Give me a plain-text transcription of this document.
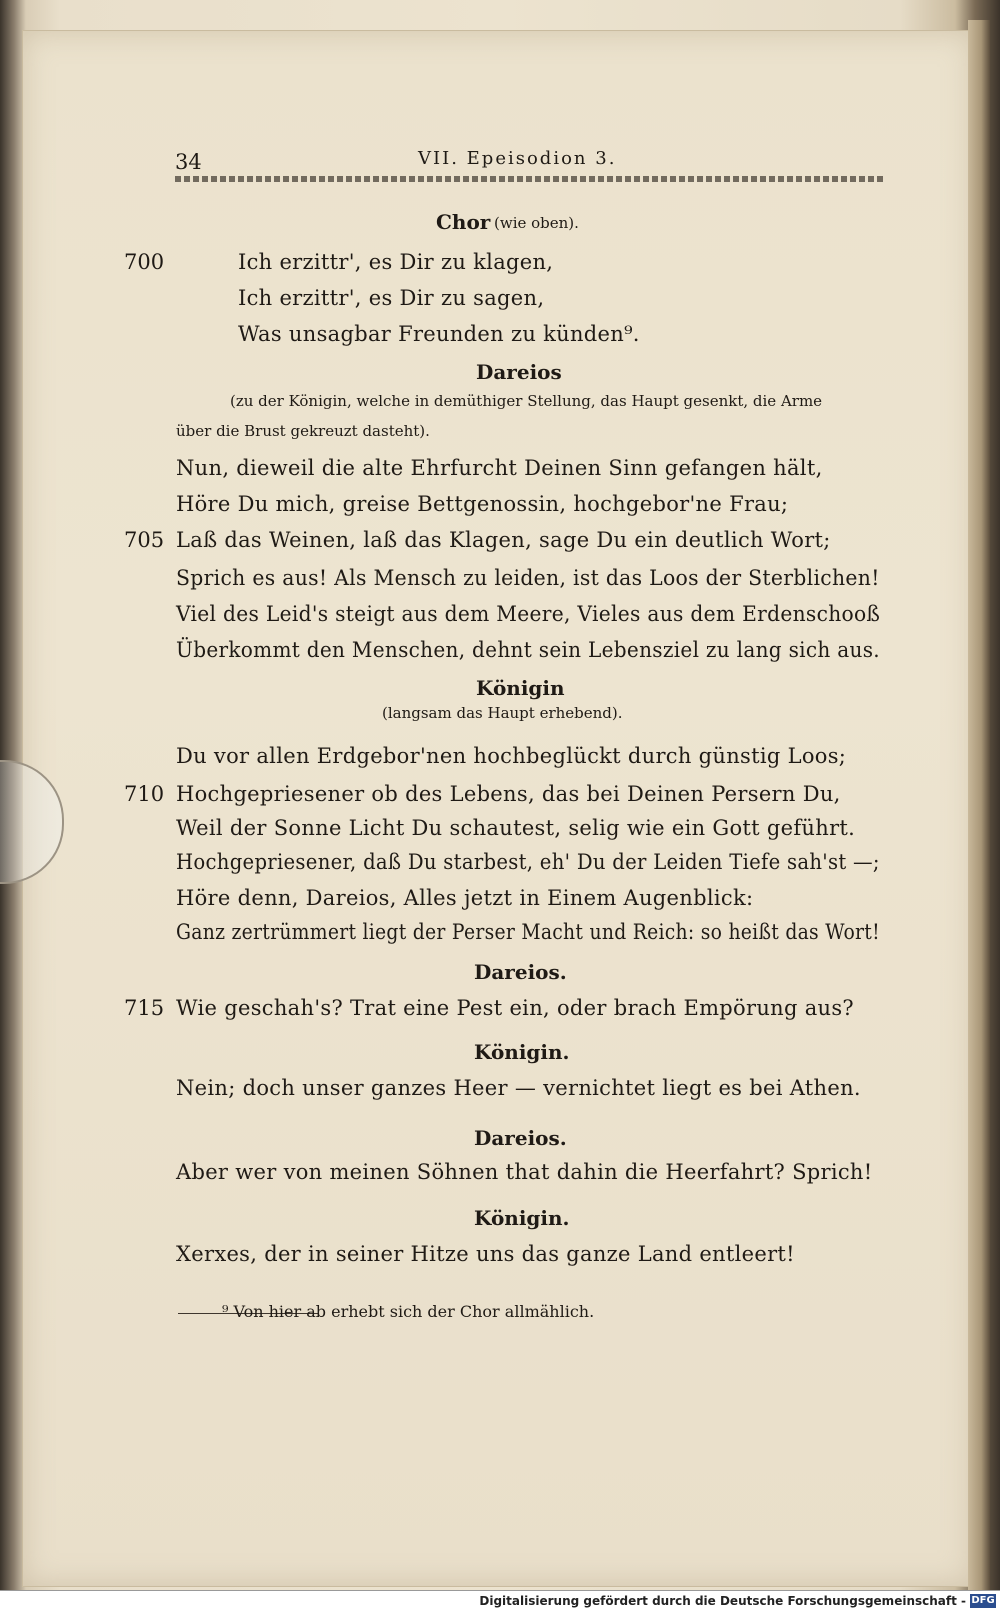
34	VII. Epeisodion 3.
Chor (wie oben).
700	Ich erzittr', es Dir zu klagen,
Ich erzittr', es Dir zu sagen,
Was unsagbar Freunden zu künden⁹.
Dareios
(zu der Königin, welche in demüthiger Stellung, das Haupt gesenkt, die Arme
über die Brust gekreuzt dasteht).
Nun, dieweil die alte Ehrfurcht Deinen Sinn gefangen hält,
Höre Du mich, greise Bettgenossin, hochgebor'ne Frau;
705 Laß das Weinen, laß das Klagen, sage Du ein deutlich Wort;
Sprich es aus! Als Mensch zu leiden, ist das Loos der Sterblichen!
Viel des Leid's steigt aus dem Meere, Vieles aus dem Erdenschooß
Überkommt den Menschen, dehnt sein Lebensziel zu lang sich aus.
Königin
(langsam das Haupt erhebend).
Du vor allen Erdgebor'nen hochbeglückt durch günstig Loos;
710 Hochgepriesener ob des Lebens, das bei Deinen Persern Du,
Weil der Sonne Licht Du schautest, selig wie ein Gott geführt.
Hochgepriesener, daß Du starbest, eh' Du der Leiden Tiefe sah'st —;
Höre denn, Dareios, Alles jetzt in Einem Augenblick:
Ganz zertrümmert liegt der Perser Macht und Reich: so heißt das Wort!
Dareios.
715 Wie geschah's? Trat eine Pest ein, oder brach Empörung aus?
Königin.
Nein; doch unser ganzes Heer — vernichtet liegt es bei Athen.
Dareios.
Aber wer von meinen Söhnen that dahin die Heerfahrt? Sprich!
Königin.
Xerxes, der in seiner Hitze uns das ganze Land entleert!
⁹ Von hier ab erhebt sich der Chor allmählich.
Digitalisierung gefördert durch die Deutsche Forschungsgemeinschaft - DFG
